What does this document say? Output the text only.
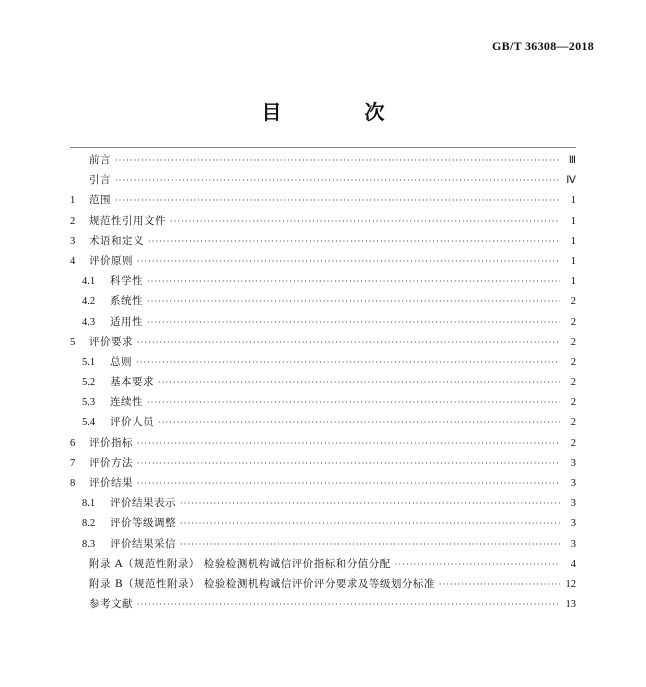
GB/T 36308—2018
目 次
前言 ·····	Ⅲ
引言 ·····	Ⅳ
1	范围 ·····	1
2	规范性引用文件 ·····	1
3	术语和定义 ·····	1
4	评价原则 ·····	1
4.1	科学性 ·····	1
4.2	系统性 ·····	2
4.3	适用性 ·····	2
5	评价要求 ·····	2
5.1	总则 ·····	2
5.2	基本要求 ·····	2
5.3	连续性 ·····	2
5.4	评价人员 ·····	2
6	评价指标 ·····	2
7	评价方法 ·····	3
8	评价结果 ·····	3
8.1	评价结果表示 ·····	3
8.2	评价等级调整 ·····	3
8.3	评价结果采信 ·····	3
附录 A（规范性附录） 检验检测机构诚信评价指标和分值分配 ·····	4
附录 B（规范性附录） 检验检测机构诚信评价评分要求及等级划分标准 ·····	12
参考文献 ·····	13
